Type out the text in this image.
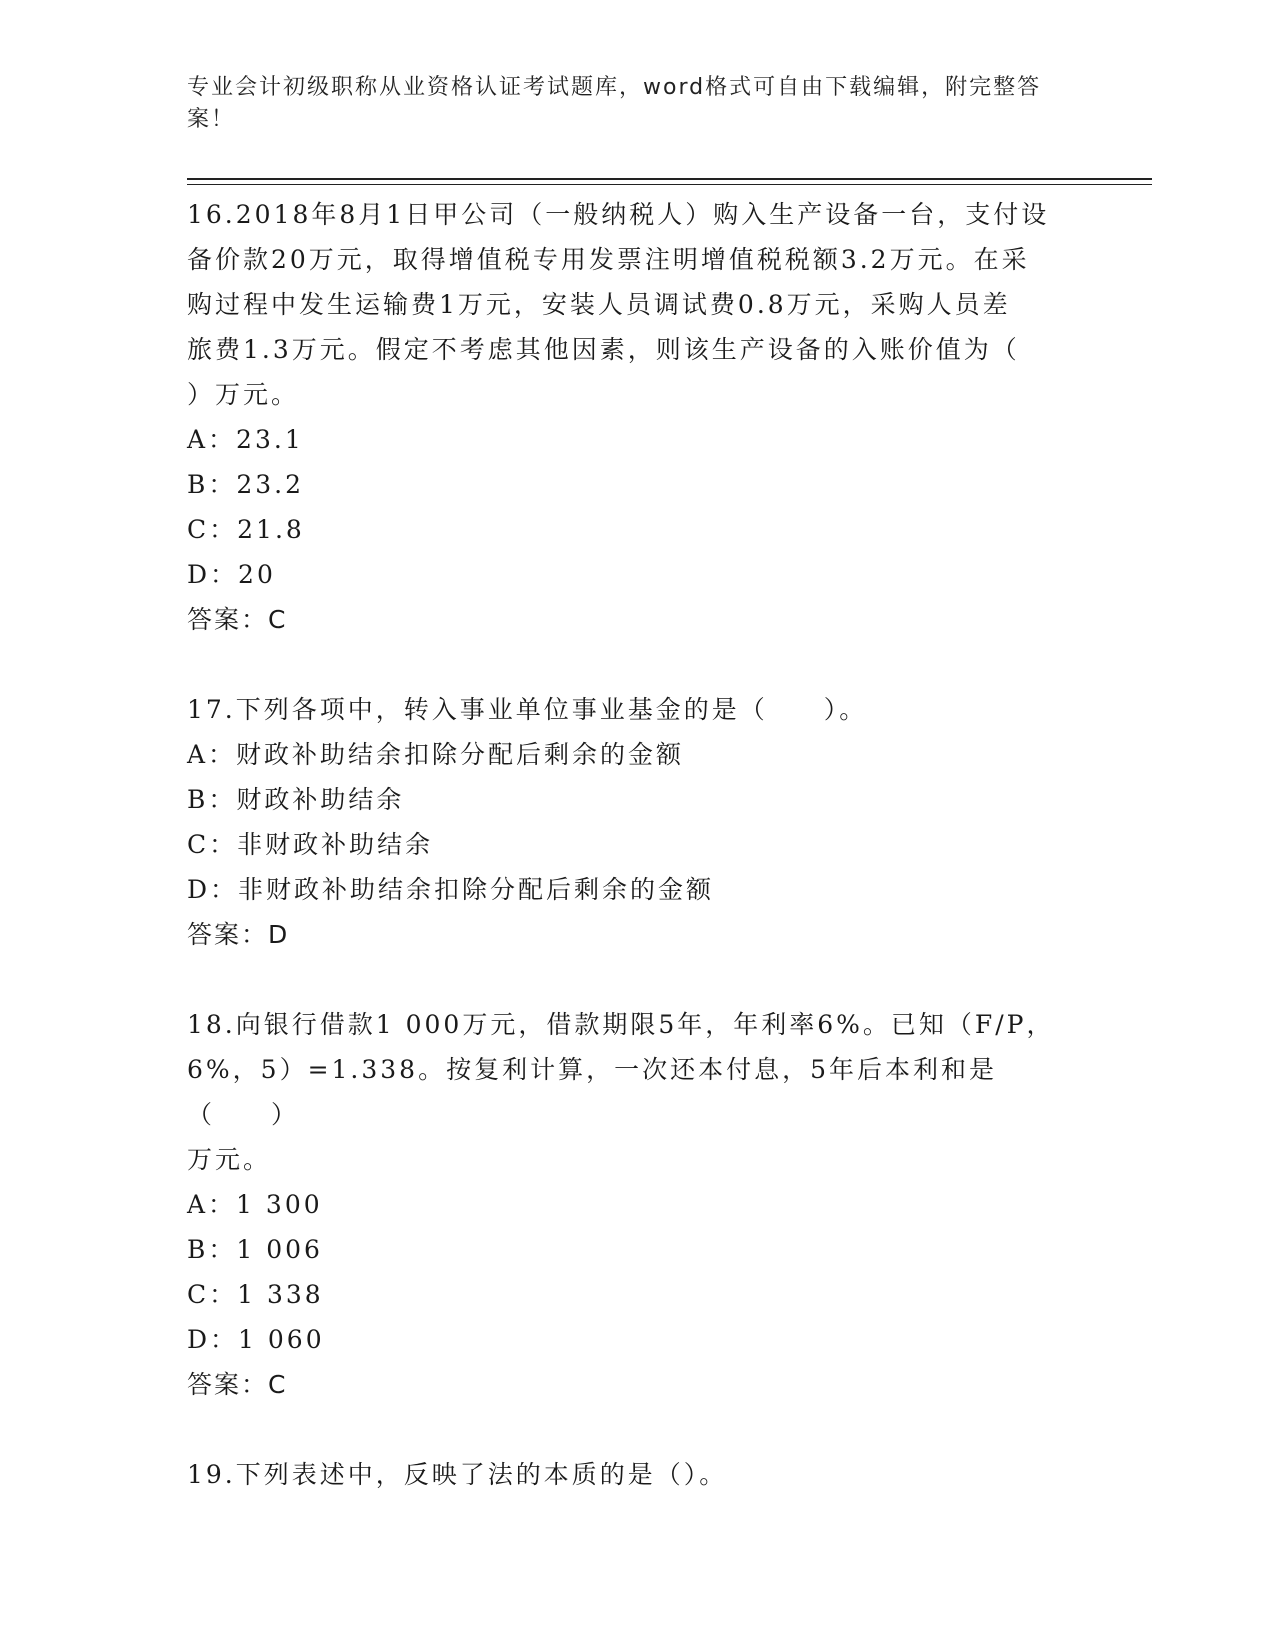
专业会计初级职称从业资格认证考试题库，word格式可自由下载编辑，附完整答
案！
16.2018年8月1日甲公司（一般纳税人）购入生产设备一台，支付设
备价款20万元，取得增值税专用发票注明增值税税额3.2万元。在采
购过程中发生运输费1万元，安装人员调试费0.8万元，采购人员差
旅费1.3万元。假定不考虑其他因素，则该生产设备的入账价值为（
）万元。
A：23.1
B：23.2
C：21.8
D：20
答案：C
17.下列各项中，转入事业单位事业基金的是（　　）。
A：财政补助结余扣除分配后剩余的金额
B：财政补助结余
C：非财政补助结余
D：非财政补助结余扣除分配后剩余的金额
答案：D
18.向银行借款1 000万元，借款期限5年，年利率6%。已知（F/P，
6%，5）=1.338。按复利计算，一次还本付息，5年后本利和是（　　）
万元。
A：1 300
B：1 006
C：1 338
D：1 060
答案：C
19.下列表述中，反映了法的本质的是（）。
